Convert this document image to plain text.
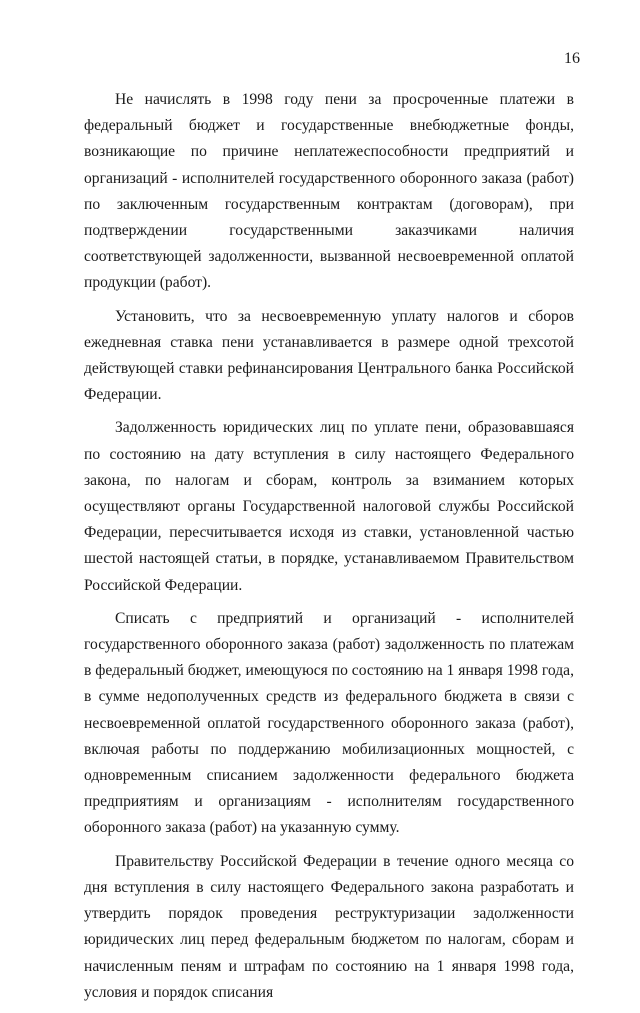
16

Не начислять в 1998 году пени за просроченные платежи в федеральный бюджет и государственные внебюджетные фонды, возникающие по причине неплатежеспособности предприятий и организаций - исполнителей государственного оборонного заказа (работ) по заключенным государственным контрактам (договорам), при подтверждении государственными заказчиками наличия соответствующей задолженности, вызванной несвоевременной оплатой продукции (работ).

Установить, что за несвоевременную уплату налогов и сборов ежедневная ставка пени устанавливается в размере одной трехсотой действующей ставки рефинансирования Центрального банка Российской Федерации.

Задолженность юридических лиц по уплате пени, образовавшаяся по состоянию на дату вступления в силу настоящего Федерального закона, по налогам и сборам, контроль за взиманием которых осуществляют органы Государственной налоговой службы Российской Федерации, пересчитывается исходя из ставки, установленной частью шестой настоящей статьи, в порядке, устанавливаемом Правительством Российской Федерации.

Списать с предприятий и организаций - исполнителей государственного оборонного заказа (работ) задолженность по платежам в федеральный бюджет, имеющуюся по состоянию на 1 января 1998 года, в сумме недополученных средств из федерального бюджета в связи с несвоевременной оплатой государственного оборонного заказа (работ), включая работы по поддержанию мобилизационных мощностей, с одновременным списанием задолженности федерального бюджета предприятиям и организациям - исполнителям государственного оборонного заказа (работ) на указанную сумму.

Правительству Российской Федерации в течение одного месяца со дня вступления в силу настоящего Федерального закона разработать и утвердить порядок проведения реструктуризации задолженности юридических лиц перед федеральным бюджетом по налогам, сборам и начисленным пеням и штрафам по состоянию на 1 января 1998 года, условия и порядок списания
